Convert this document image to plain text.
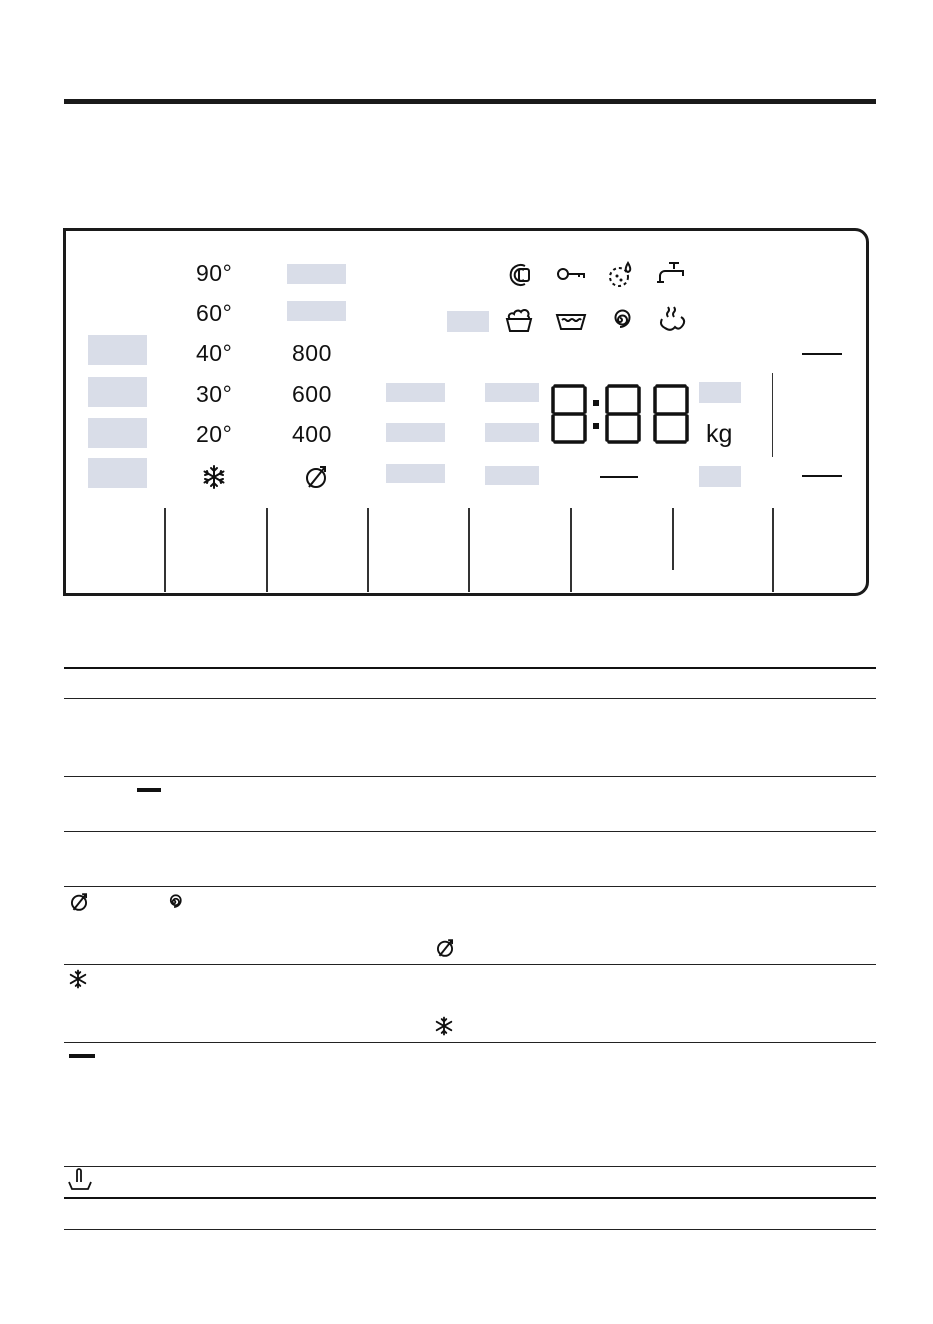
90°
60°
40°
30°
20°
800
600
400	kg
